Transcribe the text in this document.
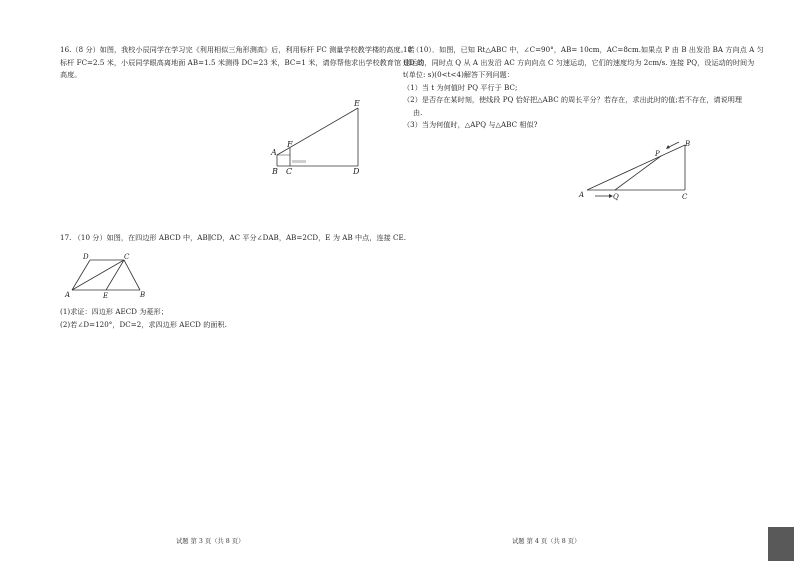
16.（8 分）如图，我校小辰同学在学习完《利用相似三角形测高》后，利用标杆 FC 测量学校教学楼的高度。若
标杆 FC=2.5 米，小辰同学眼高离地面 AB=1.5 米测得 DC=23 米，BC=1 米，请你帮他求出学校教育馆 CD 的
高度。
E
F
A
B C	D
17. （10 分）如图，在四边形 ABCD 中，AB∥CD，AC 平分∠DAB，AB=2CD，E 为 AB 中点，连接 CE.
D	C
A	E	B
(1)求证：四边形 AECD 为菱形；
(2)若∠D=120°，DC=2，求四边形 AECD 的面积.
试题 第 3 页（共 8 页）
18（10）．如图，已知 Rt△ABC 中，∠C=90°，AB= 10cm，AC=8cm.如果点 P 由 B 出发沿 BA 方向点 A 匀
速运动，同时点 Q 从 A 出发沿 AC 方向向点 C 匀速运动，它们的速度均为 2cm/s. 连接 PQ，设运动的时间为
t(单位: s)(0<t<4)解答下列问题：
（1）当 t 为何值时 PQ 平行于 BC;
（2）是否存在某时刻，使线段 PQ 恰好把△ABC 的周长平分？若存在，求出此时的值;若不存在，请说明理
由.
（3）当为何值时，△APQ 与△ABC 相似?
B
P
A	Q	C
试题 第 4 页（共 8 页）
